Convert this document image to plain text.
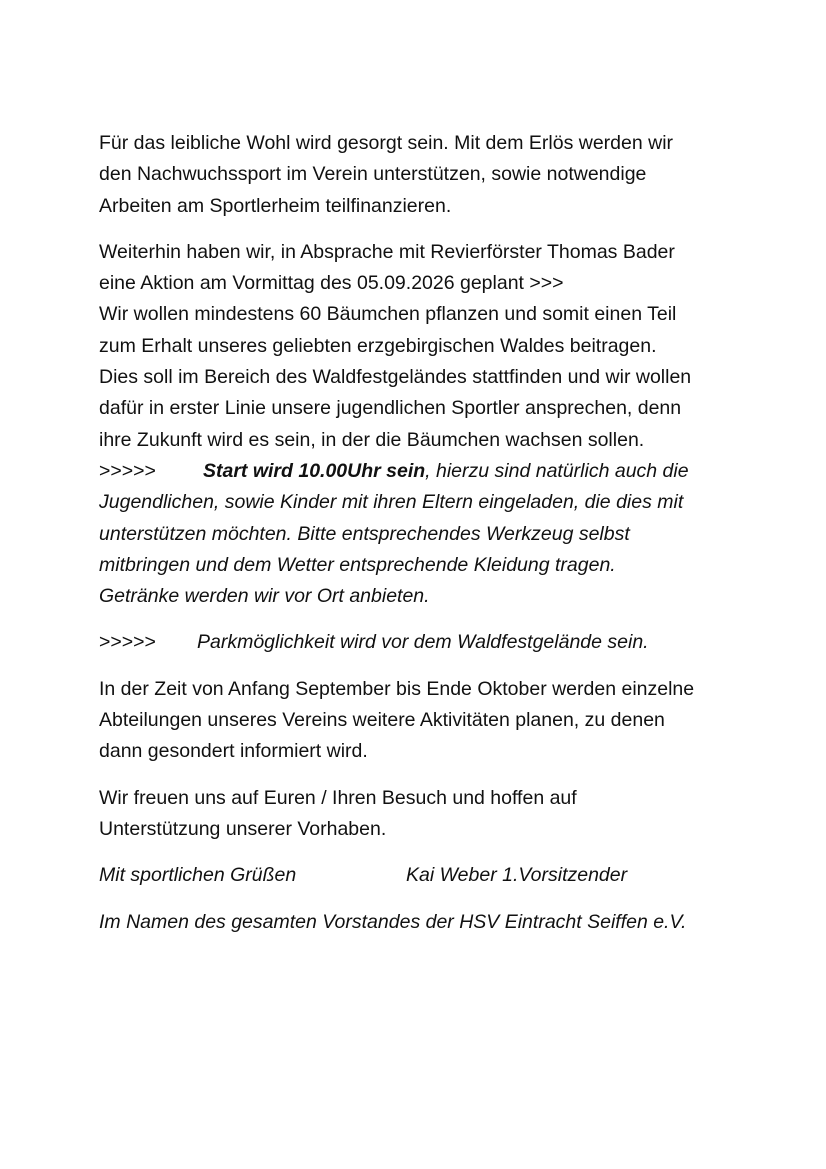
Für das leibliche Wohl wird gesorgt sein. Mit dem Erlös werden wir
den Nachwuchssport im Verein unterstützen, sowie notwendige
Arbeiten am Sportlerheim teilfinanzieren.
Weiterhin haben wir, in Absprache mit Revierförster Thomas Bader
eine Aktion am Vormittag des 05.09.2026 geplant >>>
Wir wollen mindestens 60 Bäumchen pflanzen und somit einen Teil
zum Erhalt unseres geliebten erzgebirgischen Waldes beitragen.
Dies soll im Bereich des Waldfestgeländes stattfinden und wir wollen
dafür in erster Linie unsere jugendlichen Sportler ansprechen, denn
ihre Zukunft wird es sein, in der die Bäumchen wachsen sollen.
>>>>> Start wird 10.00Uhr sein, hierzu sind natürlich auch die
Jugendlichen, sowie Kinder mit ihren Eltern eingeladen, die dies mit
unterstützen möchten. Bitte entsprechendes Werkzeug selbst
mitbringen und dem Wetter entsprechende Kleidung tragen.
Getränke werden wir vor Ort anbieten.
>>>>> Parkmöglichkeit wird vor dem Waldfestgelände sein.
In der Zeit von Anfang September bis Ende Oktober werden einzelne
Abteilungen unseres Vereins weitere Aktivitäten planen, zu denen
dann gesondert informiert wird.
Wir freuen uns auf Euren / Ihren Besuch und hoffen auf
Unterstützung unserer Vorhaben.
Mit sportlichen Grüßen	Kai Weber 1.Vorsitzender
Im Namen des gesamten Vorstandes der HSV Eintracht Seiffen e.V.
